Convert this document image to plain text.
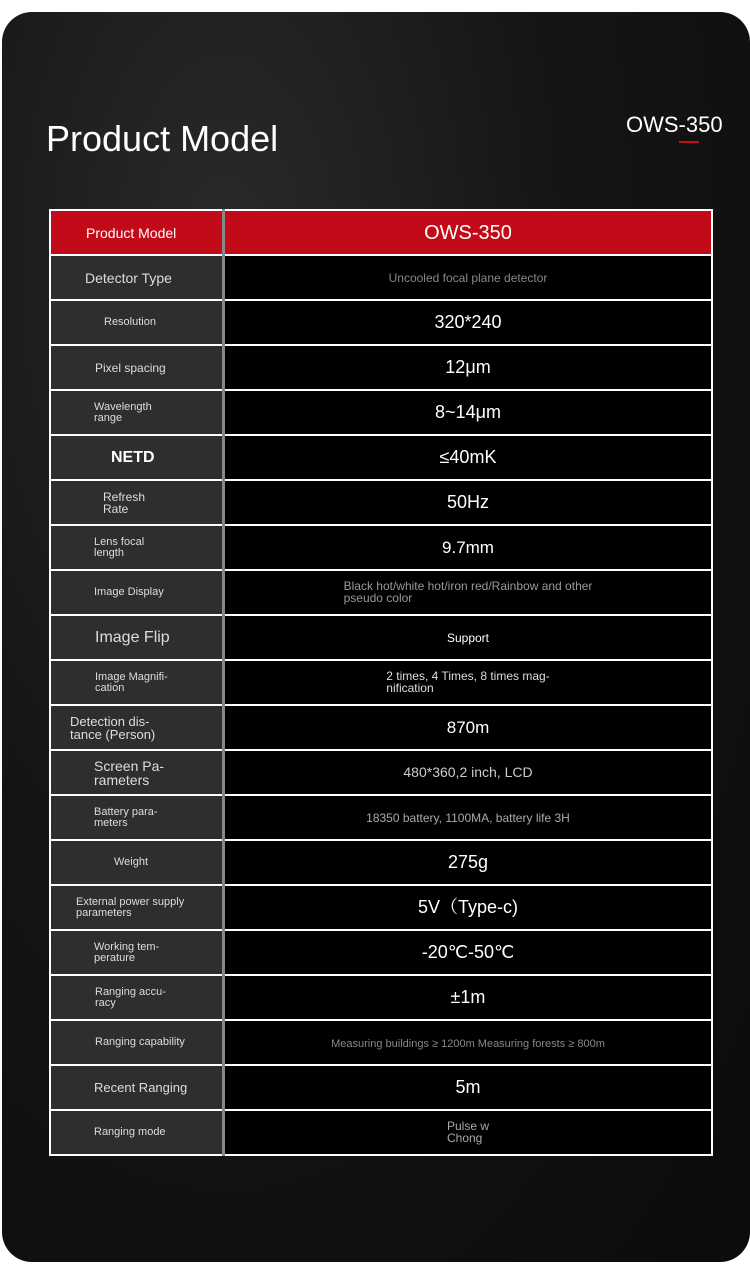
Product Model	OWS-350
Product Model	OWS-350

Detector Type	Uncooled focal plane detector

Resolution	320*240

Pixel spacing	12μm

Wavelength
range	8~14μm

NETD	≤40mK

Refresh
Rate	50Hz

Lens focal
length	9.7mm

Image Display	Black hot/white hot/iron red/Rainbow and other
pseudo color

Image Flip	Support

Image Magnifi-
cation	2 times, 4 Times, 8 times mag-
nification

Detection dis-
tance (Person)	870m

Screen Pa-
rameters	480*360,2 inch, LCD

Battery para-
meters	18350 battery, 1100MA, battery life 3H

Weight	275g

External power supply
parameters	5V（Type-c)

Working tem-
perature	-20℃-50℃

Ranging accu-
racy	±1m

Ranging capability	Measuring buildings ≥ 1200m Measuring forests ≥ 800m

Recent Ranging	5m

Ranging mode	Pulse w
Chong
